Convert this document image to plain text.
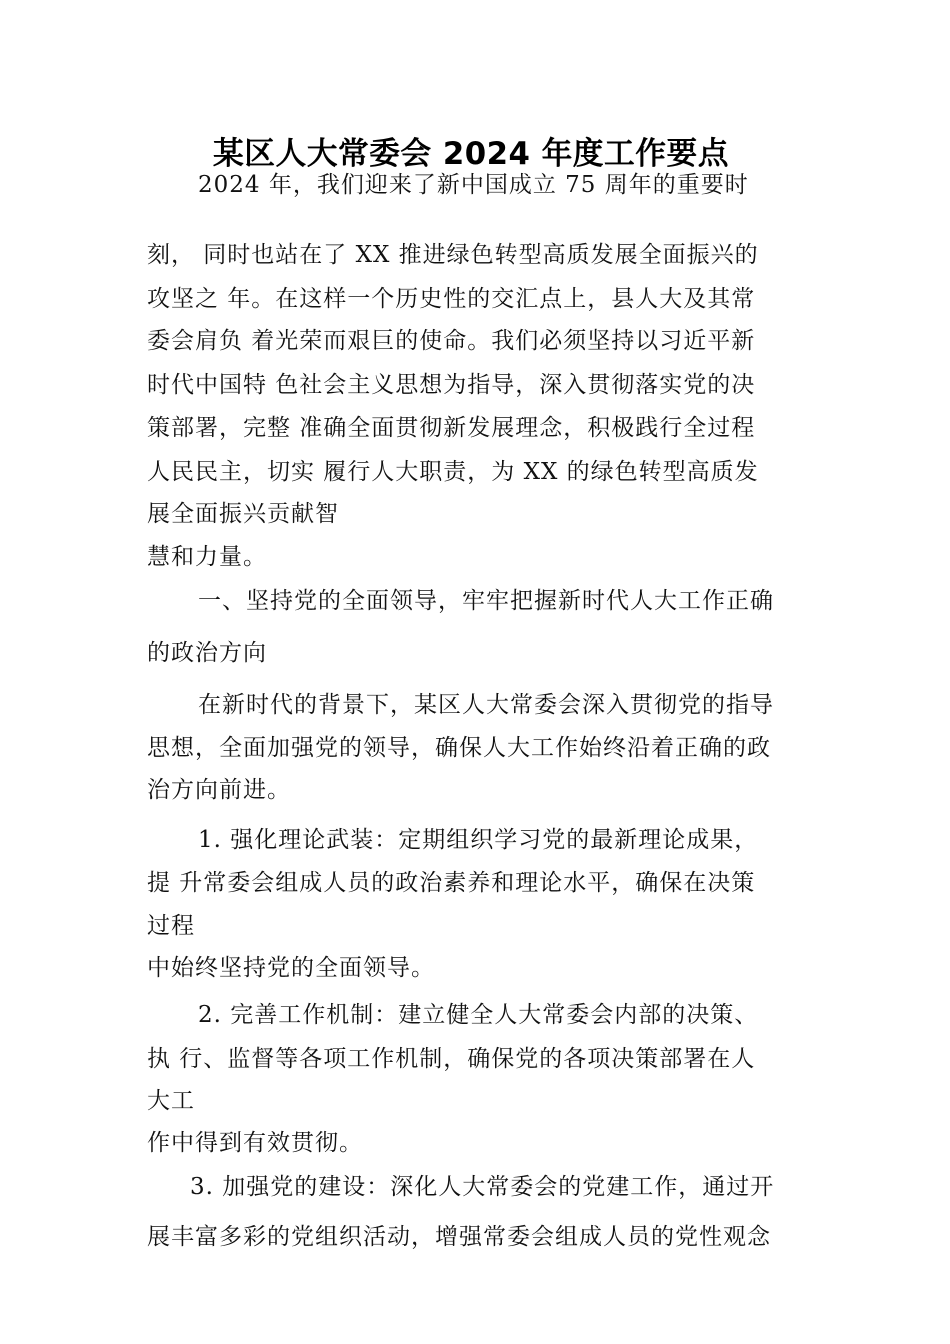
某区人大常委会 2024 年度工作要点
2024 年，我们迎来了新中国成立 75 周年的重要时
刻， 同时也站在了 XX 推进绿色转型高质发展全面振兴的
攻坚之 年。在这样一个历史性的交汇点上，县人大及其常
委会肩负 着光荣而艰巨的使命。我们必须坚持以习近平新
时代中国特 色社会主义思想为指导，深入贯彻落实党的决
策部署，完整 准确全面贯彻新发展理念，积极践行全过程
人民民主，切实 履行人大职责，为 XX 的绿色转型高质发
展全面振兴贡献智
慧和力量。
一、坚持党的全面领导，牢牢把握新时代人大工作正确
的政治方向
在新时代的背景下，某区人大常委会深入贯彻党的指导
思想，全面加强党的领导，确保人大工作始终沿着正确的政
治方向前进。
1. 强化理论武装：定期组织学习党的最新理论成果，
提 升常委会组成人员的政治素养和理论水平，确保在决策
过程
中始终坚持党的全面领导。
2. 完善工作机制：建立健全人大常委会内部的决策、
执 行、监督等各项工作机制，确保党的各项决策部署在人
大工
作中得到有效贯彻。
3. 加强党的建设：深化人大常委会的党建工作，通过开
展丰富多彩的党组织活动，增强常委会组成人员的党性观念
